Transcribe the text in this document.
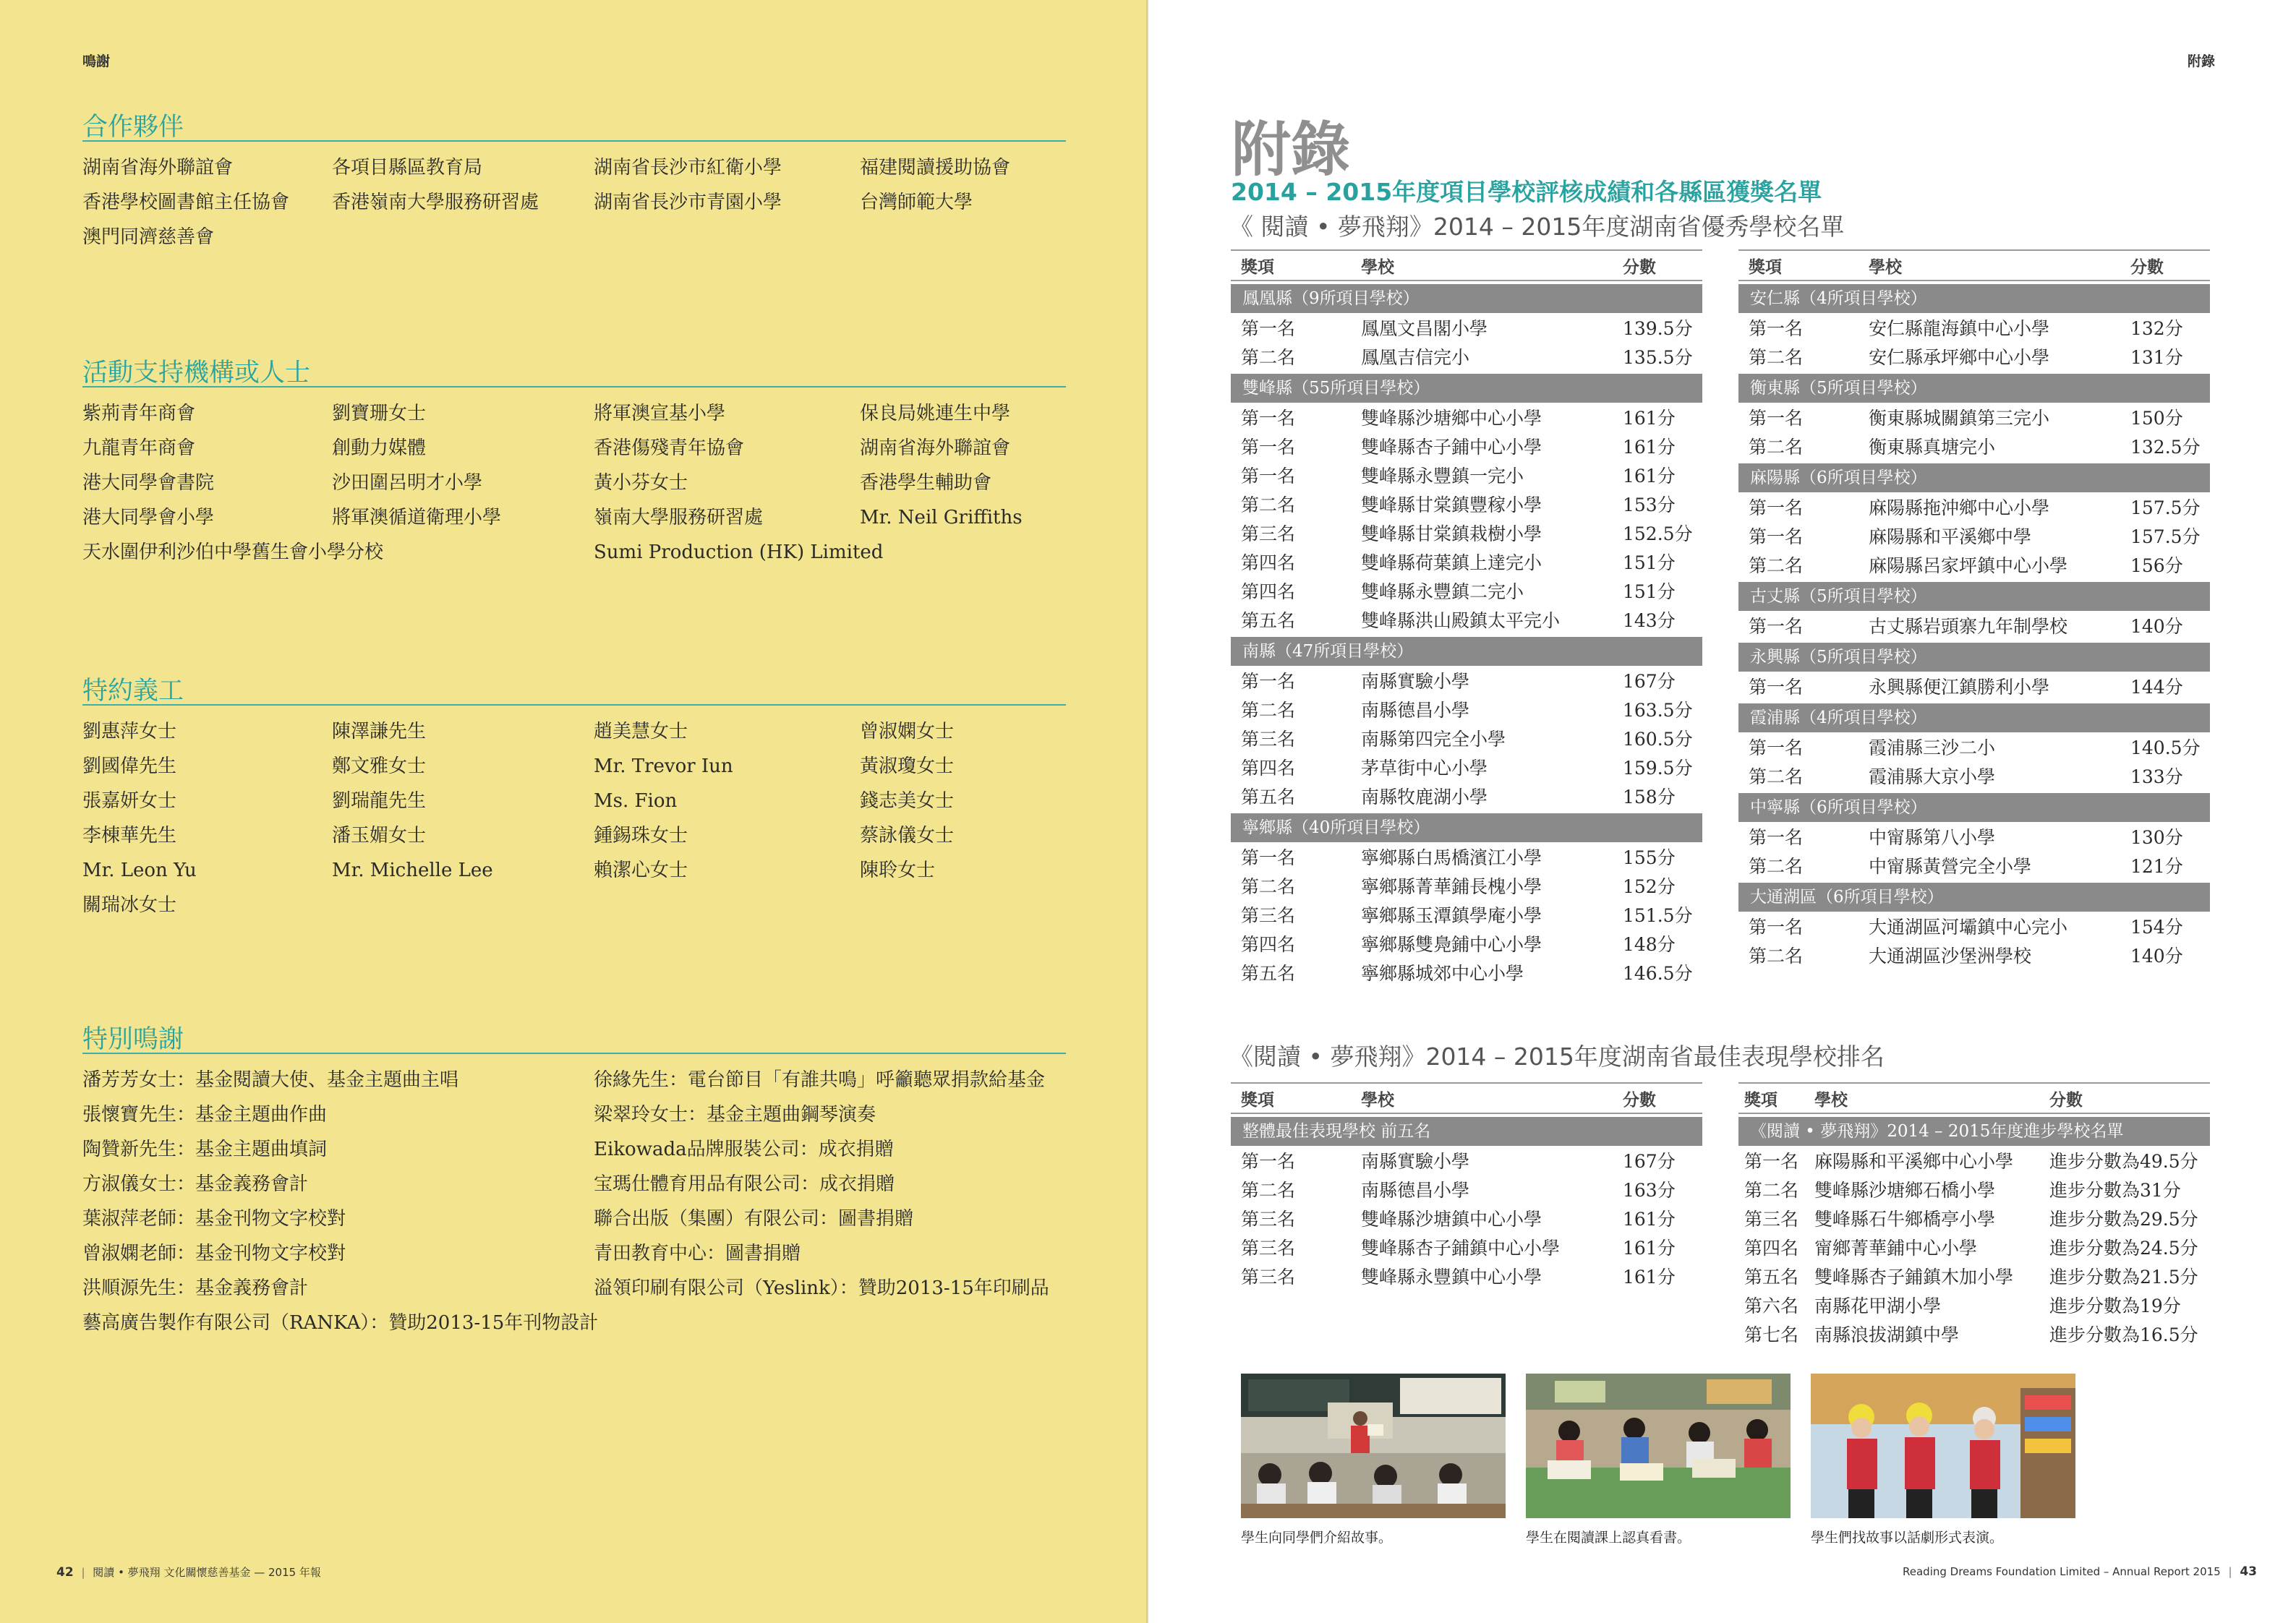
鳴謝
合作夥伴
湖南省海外聯誼會	各項目縣區教育局	湖南省長沙市紅衛小學	福建閱讀援助協會
香港學校圖書館主任協會	香港嶺南大學服務研習處	湖南省長沙市青園小學	台灣師範大學
澳門同濟慈善會
活動支持機構或人士
紫荊青年商會	劉寶珊女士	將軍澳宣基小學	保良局姚連生中學
九龍青年商會	創動力媒體	香港傷殘青年協會	湖南省海外聯誼會
港大同學會書院	沙田圍呂明才小學	黃小芬女士	香港學生輔助會
港大同學會小學	將軍澳循道衛理小學	嶺南大學服務研習處	Mr. Neil Griffiths
天水圍伊利沙伯中學舊生會小學分校	Sumi Production (HK) Limited
特約義工
劉惠萍女士	陳澤謙先生	趙美慧女士	曾淑嫻女士
劉國偉先生	鄭文雅女士	Mr. Trevor Iun	黃淑瓊女士
張嘉妍女士	劉瑞龍先生	Ms. Fion	錢志美女士
李棟華先生	潘玉媚女士	鍾錫珠女士	蔡詠儀女士
Mr. Leon Yu	Mr. Michelle Lee	賴潔心女士	陳聆女士
關瑞冰女士
特別鳴謝
潘芳芳女士：基金閱讀大使、基金主題曲主唱	徐緣先生：電台節目「有誰共鳴」呼籲聽眾捐款給基金
張懷寶先生：基金主題曲作曲	梁翠玲女士：基金主題曲鋼琴演奏
陶贊新先生：基金主題曲填詞	Eikowada品牌服裝公司：成衣捐贈
方淑儀女士：基金義務會計	宝瑪仕體育用品有限公司：成衣捐贈
葉淑萍老師：基金刊物文字校對	聯合出版（集團）有限公司：圖書捐贈
曾淑嫻老師：基金刊物文字校對	青田教育中心：圖書捐贈
洪順源先生：基金義務會計	溢領印刷有限公司（Yeslink）：贊助2013-15年印刷品
藝高廣告製作有限公司（RANKA）：贊助2013-15年刊物設計
42 | 閱讀 • 夢飛翔 文化關懷慈善基金 — 2015 年報
附錄
附錄
2014 – 2015年度項目學校評核成績和各縣區獲獎名單
《 閱讀 • 夢飛翔》2014 – 2015年度湖南省優秀學校名單
獎項	學校	分數
鳳凰縣（9所項目學校）
第一名	鳳凰文昌閣小學	139.5分
第二名	鳳凰吉信完小	135.5分
雙峰縣（55所項目學校）
第一名	雙峰縣沙塘鄉中心小學	161分
第一名	雙峰縣杏子鋪中心小學	161分
第一名	雙峰縣永豐鎮一完小	161分
第二名	雙峰縣甘棠鎮豐稼小學	153分
第三名	雙峰縣甘棠鎮栽樹小學	152.5分
第四名	雙峰縣荷葉鎮上達完小	151分
第四名	雙峰縣永豐鎮二完小	151分
第五名	雙峰縣洪山殿鎮太平完小	143分
南縣（47所項目學校）
第一名	南縣實驗小學	167分
第二名	南縣德昌小學	163.5分
第三名	南縣第四完全小學	160.5分
第四名	茅草街中心小學	159.5分
第五名	南縣牧鹿湖小學	158分
寧鄉縣（40所項目學校）
第一名	寧鄉縣白馬橋濱江小學	155分
第二名	寧鄉縣菁華鋪長槐小學	152分
第三名	寧鄉縣玉潭鎮學庵小學	151.5分
第四名	寧鄉縣雙鳧鋪中心小學	148分
第五名	寧鄉縣城郊中心小學	146.5分
獎項	學校	分數
安仁縣（4所項目學校）
第一名	安仁縣龍海鎮中心小學	132分
第二名	安仁縣承坪鄉中心小學	131分
衡東縣（5所項目學校）
第一名	衡東縣城關鎮第三完小	150分
第二名	衡東縣真塘完小	132.5分
麻陽縣（6所項目學校）
第一名	麻陽縣拖沖鄉中心小學	157.5分
第一名	麻陽縣和平溪鄉中學	157.5分
第二名	麻陽縣呂家坪鎮中心小學	156分
古丈縣（5所項目學校）
第一名	古丈縣岩頭寨九年制學校	140分
永興縣（5所項目學校）
第一名	永興縣便江鎮勝利小學	144分
霞浦縣（4所項目學校）
第一名	霞浦縣三沙二小	140.5分
第二名	霞浦縣大京小學	133分
中寧縣（6所項目學校）
第一名	中甯縣第八小學	130分
第二名	中甯縣黃營完全小學	121分
大通湖區（6所項目學校）
第一名	大通湖區河壩鎮中心完小	154分
第二名	大通湖區沙堡洲學校	140分
《閱讀 • 夢飛翔》2014 – 2015年度湖南省最佳表現學校排名
獎項	學校	分數
整體最佳表現學校 前五名
第一名	南縣實驗小學	167分
第二名	南縣德昌小學	163分
第三名	雙峰縣沙塘鎮中心小學	161分
第三名	雙峰縣杏子鋪鎮中心小學	161分
第三名	雙峰縣永豐鎮中心小學	161分
獎項	學校	分數
《閱讀 • 夢飛翔》2014 – 2015年度進步學校名單
第一名 麻陽縣和平溪鄉中心小學	進步分數為49.5分
第二名 雙峰縣沙塘鄉石橋小學	進步分數為31分
第三名 雙峰縣石牛鄉橋亭小學	進步分數為29.5分
第四名 甯鄉菁華鋪中心小學	進步分數為24.5分
第五名 雙峰縣杏子鋪鎮木加小學	進步分數為21.5分
第六名 南縣花甲湖小學	進步分數為19分
第七名 南縣浪拔湖鎮中學	進步分數為16.5分
學生向同學們介紹故事。	學生在閱讀課上認真看書。	學生們找故事以話劇形式表演。
Reading Dreams Foundation Limited – Annual Report 2015 | 43
